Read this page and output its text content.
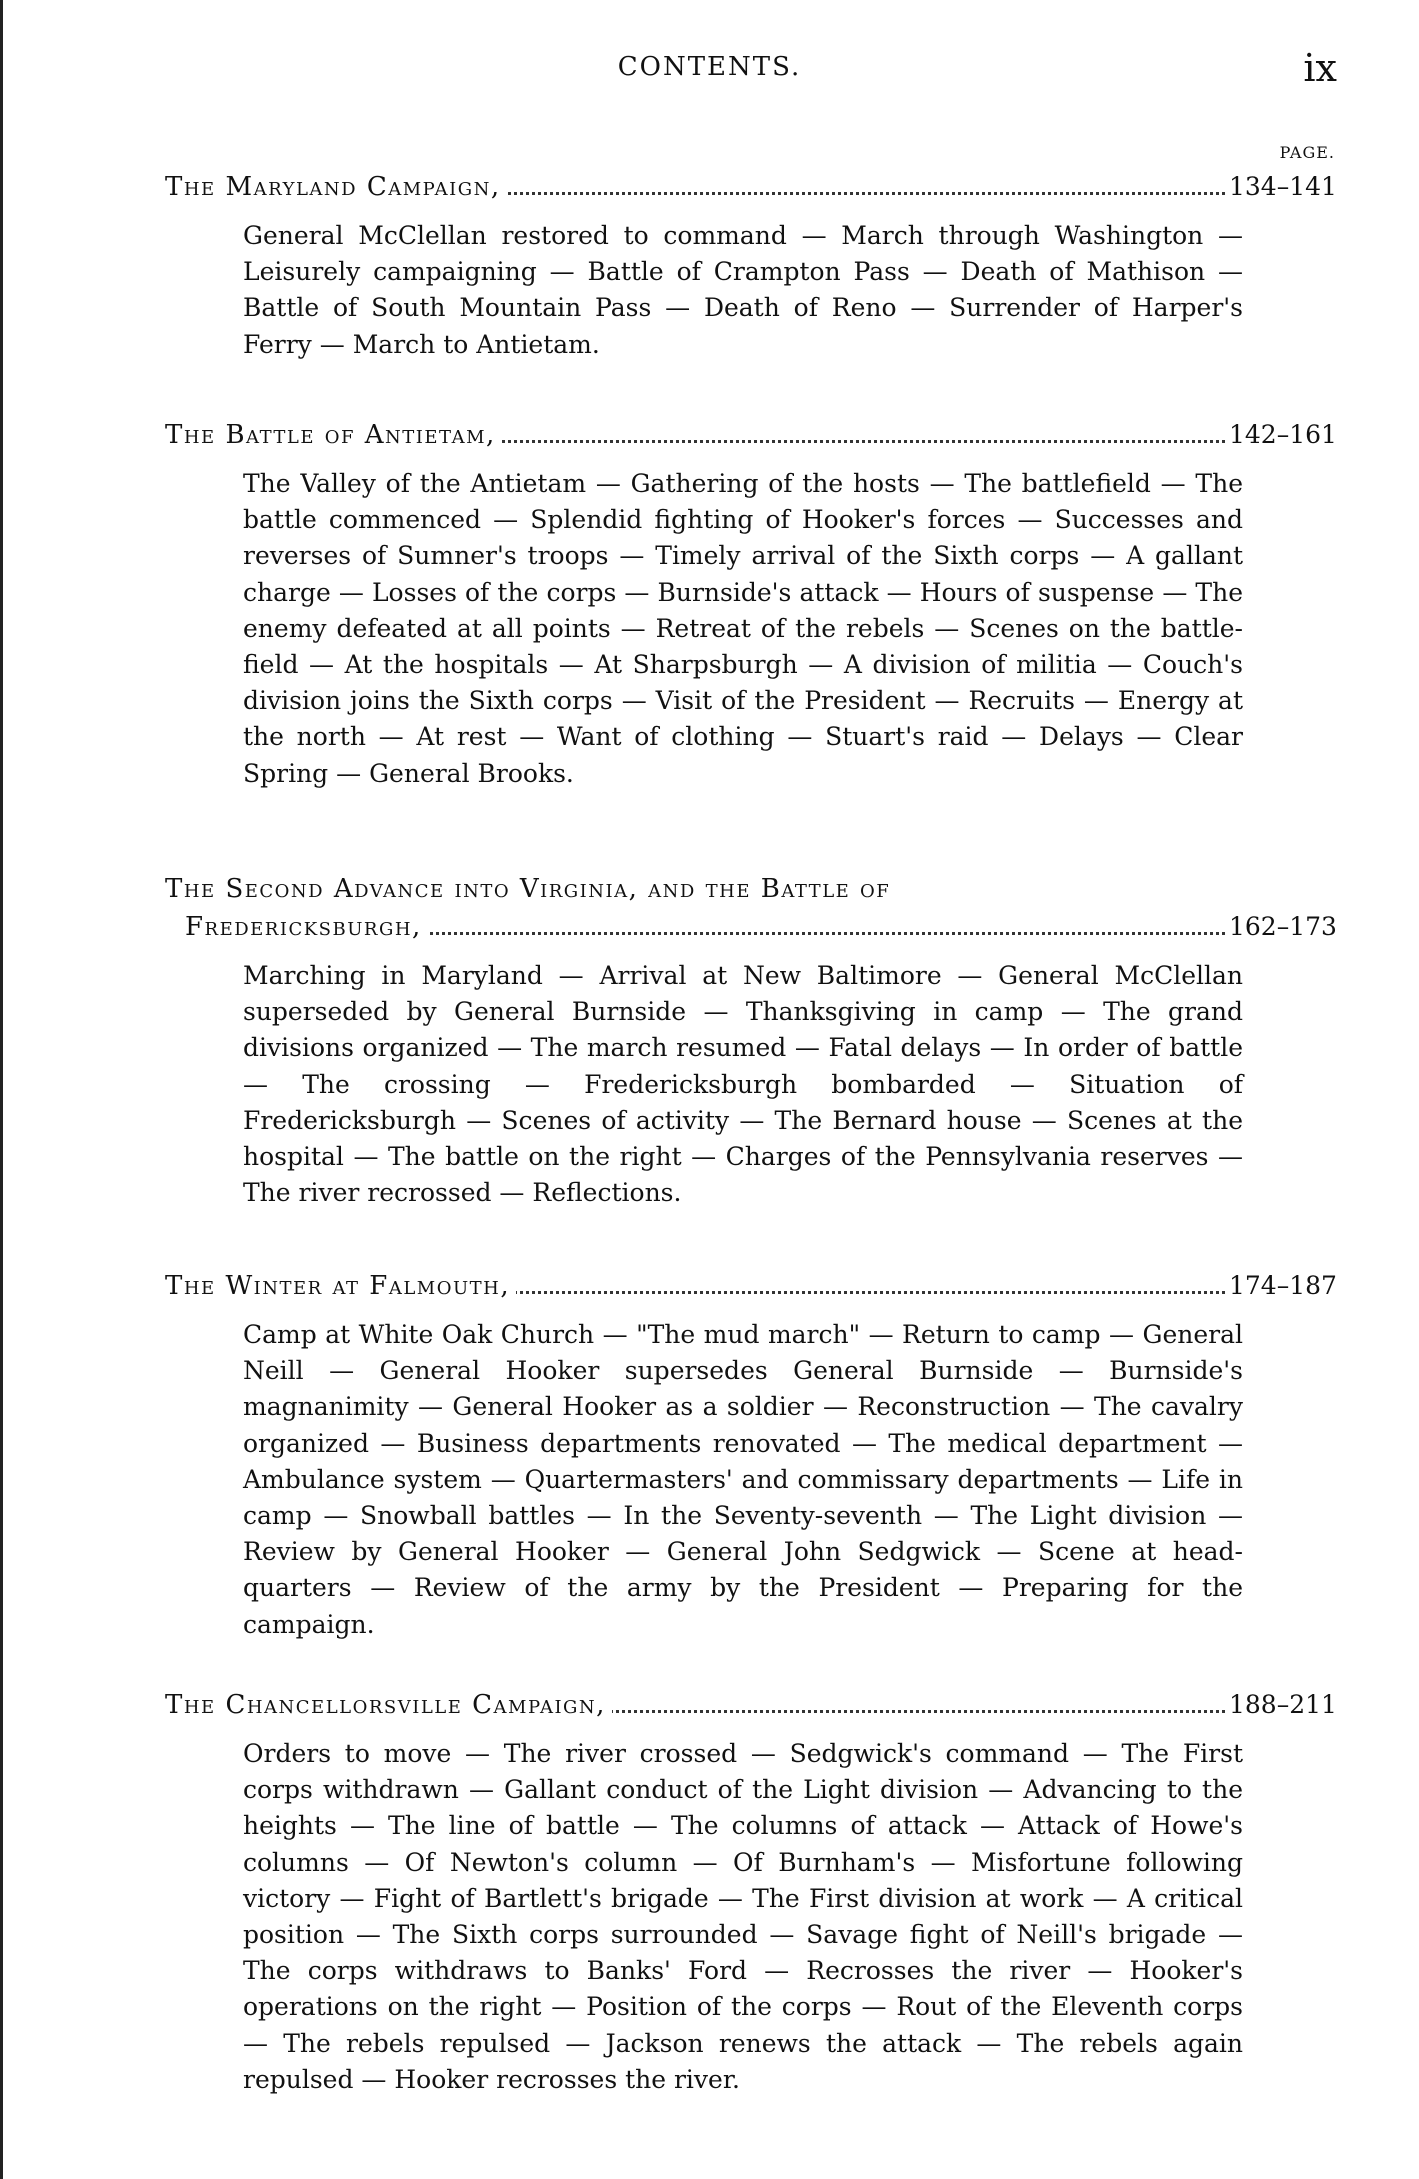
CONTENTS.	ix
PAGE.
The Maryland Campaign,	134–141
General McClellan restored to command — March through Washington — Leisurely campaigning — Battle of Crampton Pass — Death of Mathison — Battle of South Mountain Pass — Death of Reno — Surrender of Harper's Ferry — March to Antietam.
The Battle of Antietam,	142–161
The Valley of the Antietam — Gathering of the hosts — The battlefield — The battle commenced — Splendid fighting of Hooker's forces — Successes and reverses of Sumner's troops — Timely arrival of the Sixth corps — A gallant charge — Losses of the corps — Burnside's attack — Hours of suspense — The enemy defeated at all points — Retreat of the rebels — Scenes on the battle-field — At the hospitals — At Sharpsburgh — A division of militia — Couch's division joins the Sixth corps — Visit of the President — Recruits — Energy at the north — At rest — Want of clothing — Stuart's raid — Delays — Clear Spring — General Brooks.
The Second Advance into Virginia, and the Battle of
Fredericksburgh,	162–173
Marching in Maryland — Arrival at New Baltimore — General McClellan superseded by General Burnside — Thanksgiving in camp — The grand divisions organized — The march resumed — Fatal delays — In order of battle — The crossing — Fredericksburgh bombarded — Situation of Fredericksburgh — Scenes of activity — The Bernard house — Scenes at the hospital — The battle on the right — Charges of the Pennsylvania reserves — The river recrossed — Reflections.
The Winter at Falmouth,	174–187
Camp at White Oak Church — "The mud march" — Return to camp — General Neill — General Hooker supersedes General Burnside — Burnside's magnanimity — General Hooker as a soldier — Reconstruction — The cavalry organized — Business departments renovated — The medical department — Ambulance system — Quartermasters' and commissary departments — Life in camp — Snowball battles — In the Seventy-seventh — The Light division — Review by General Hooker — General John Sedgwick — Scene at head-quarters — Review of the army by the President — Preparing for the campaign.
The Chancellorsville Campaign,	188–211
Orders to move — The river crossed — Sedgwick's command — The First corps withdrawn — Gallant conduct of the Light division — Advancing to the heights — The line of battle — The columns of attack — Attack of Howe's columns — Of Newton's column — Of Burnham's — Misfortune following victory — Fight of Bartlett's brigade — The First division at work — A critical position — The Sixth corps surrounded — Savage fight of Neill's brigade — The corps withdraws to Banks' Ford — Recrosses the river — Hooker's operations on the right — Position of the corps — Rout of the Eleventh corps — The rebels repulsed — Jackson renews the attack — The rebels again repulsed — Hooker recrosses the river.
